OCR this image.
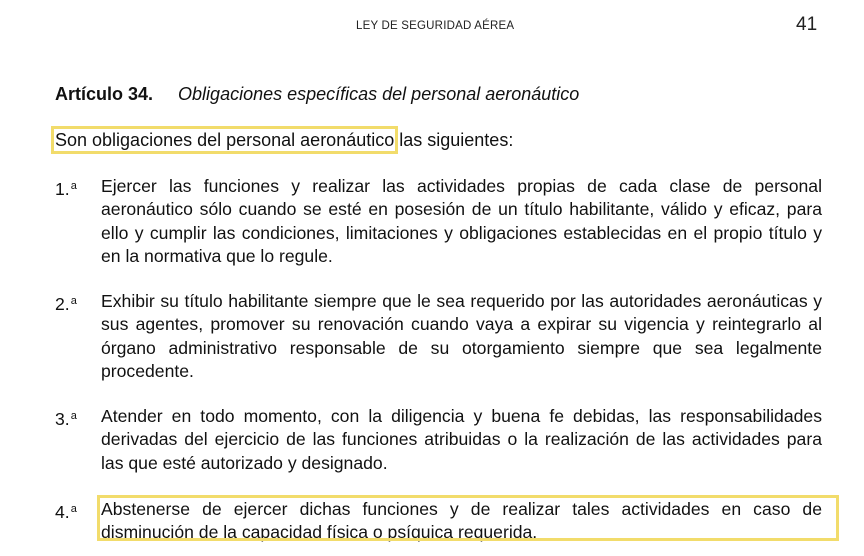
LEY DE SEGURIDAD AÉREA	41
Artículo 34. Obligaciones específicas del personal aeronáutico
Son obligaciones del personal aeronáutico las siguientes:
1.$^a$	Ejercer las funciones y realizar las actividades propias de cada clase de personal aeronáutico sólo cuando se esté en posesión de un título habilitante, válido y eficaz, para ello y cumplir las condiciones, limitaciones y obligaciones establecidas en el propio título y en la normativa que lo regule.
2.$^a$	Exhibir su título habilitante siempre que le sea requerido por las autoridades aeronáuticas y sus agentes, promover su renovación cuando vaya a expirar su vigencia y reintegrarlo al órgano administrativo responsable de su otorgamiento siempre que sea legalmente procedente.
3.$^a$	Atender en todo momento, con la diligencia y buena fe debidas, las responsabilidades derivadas del ejercicio de las funciones atribuidas o la realización de las actividades para las que esté autorizado y designado.
4.$^a$	Abstenerse de ejercer dichas funciones y de realizar tales actividades en caso de disminución de la capacidad física o psíquica requerida.
